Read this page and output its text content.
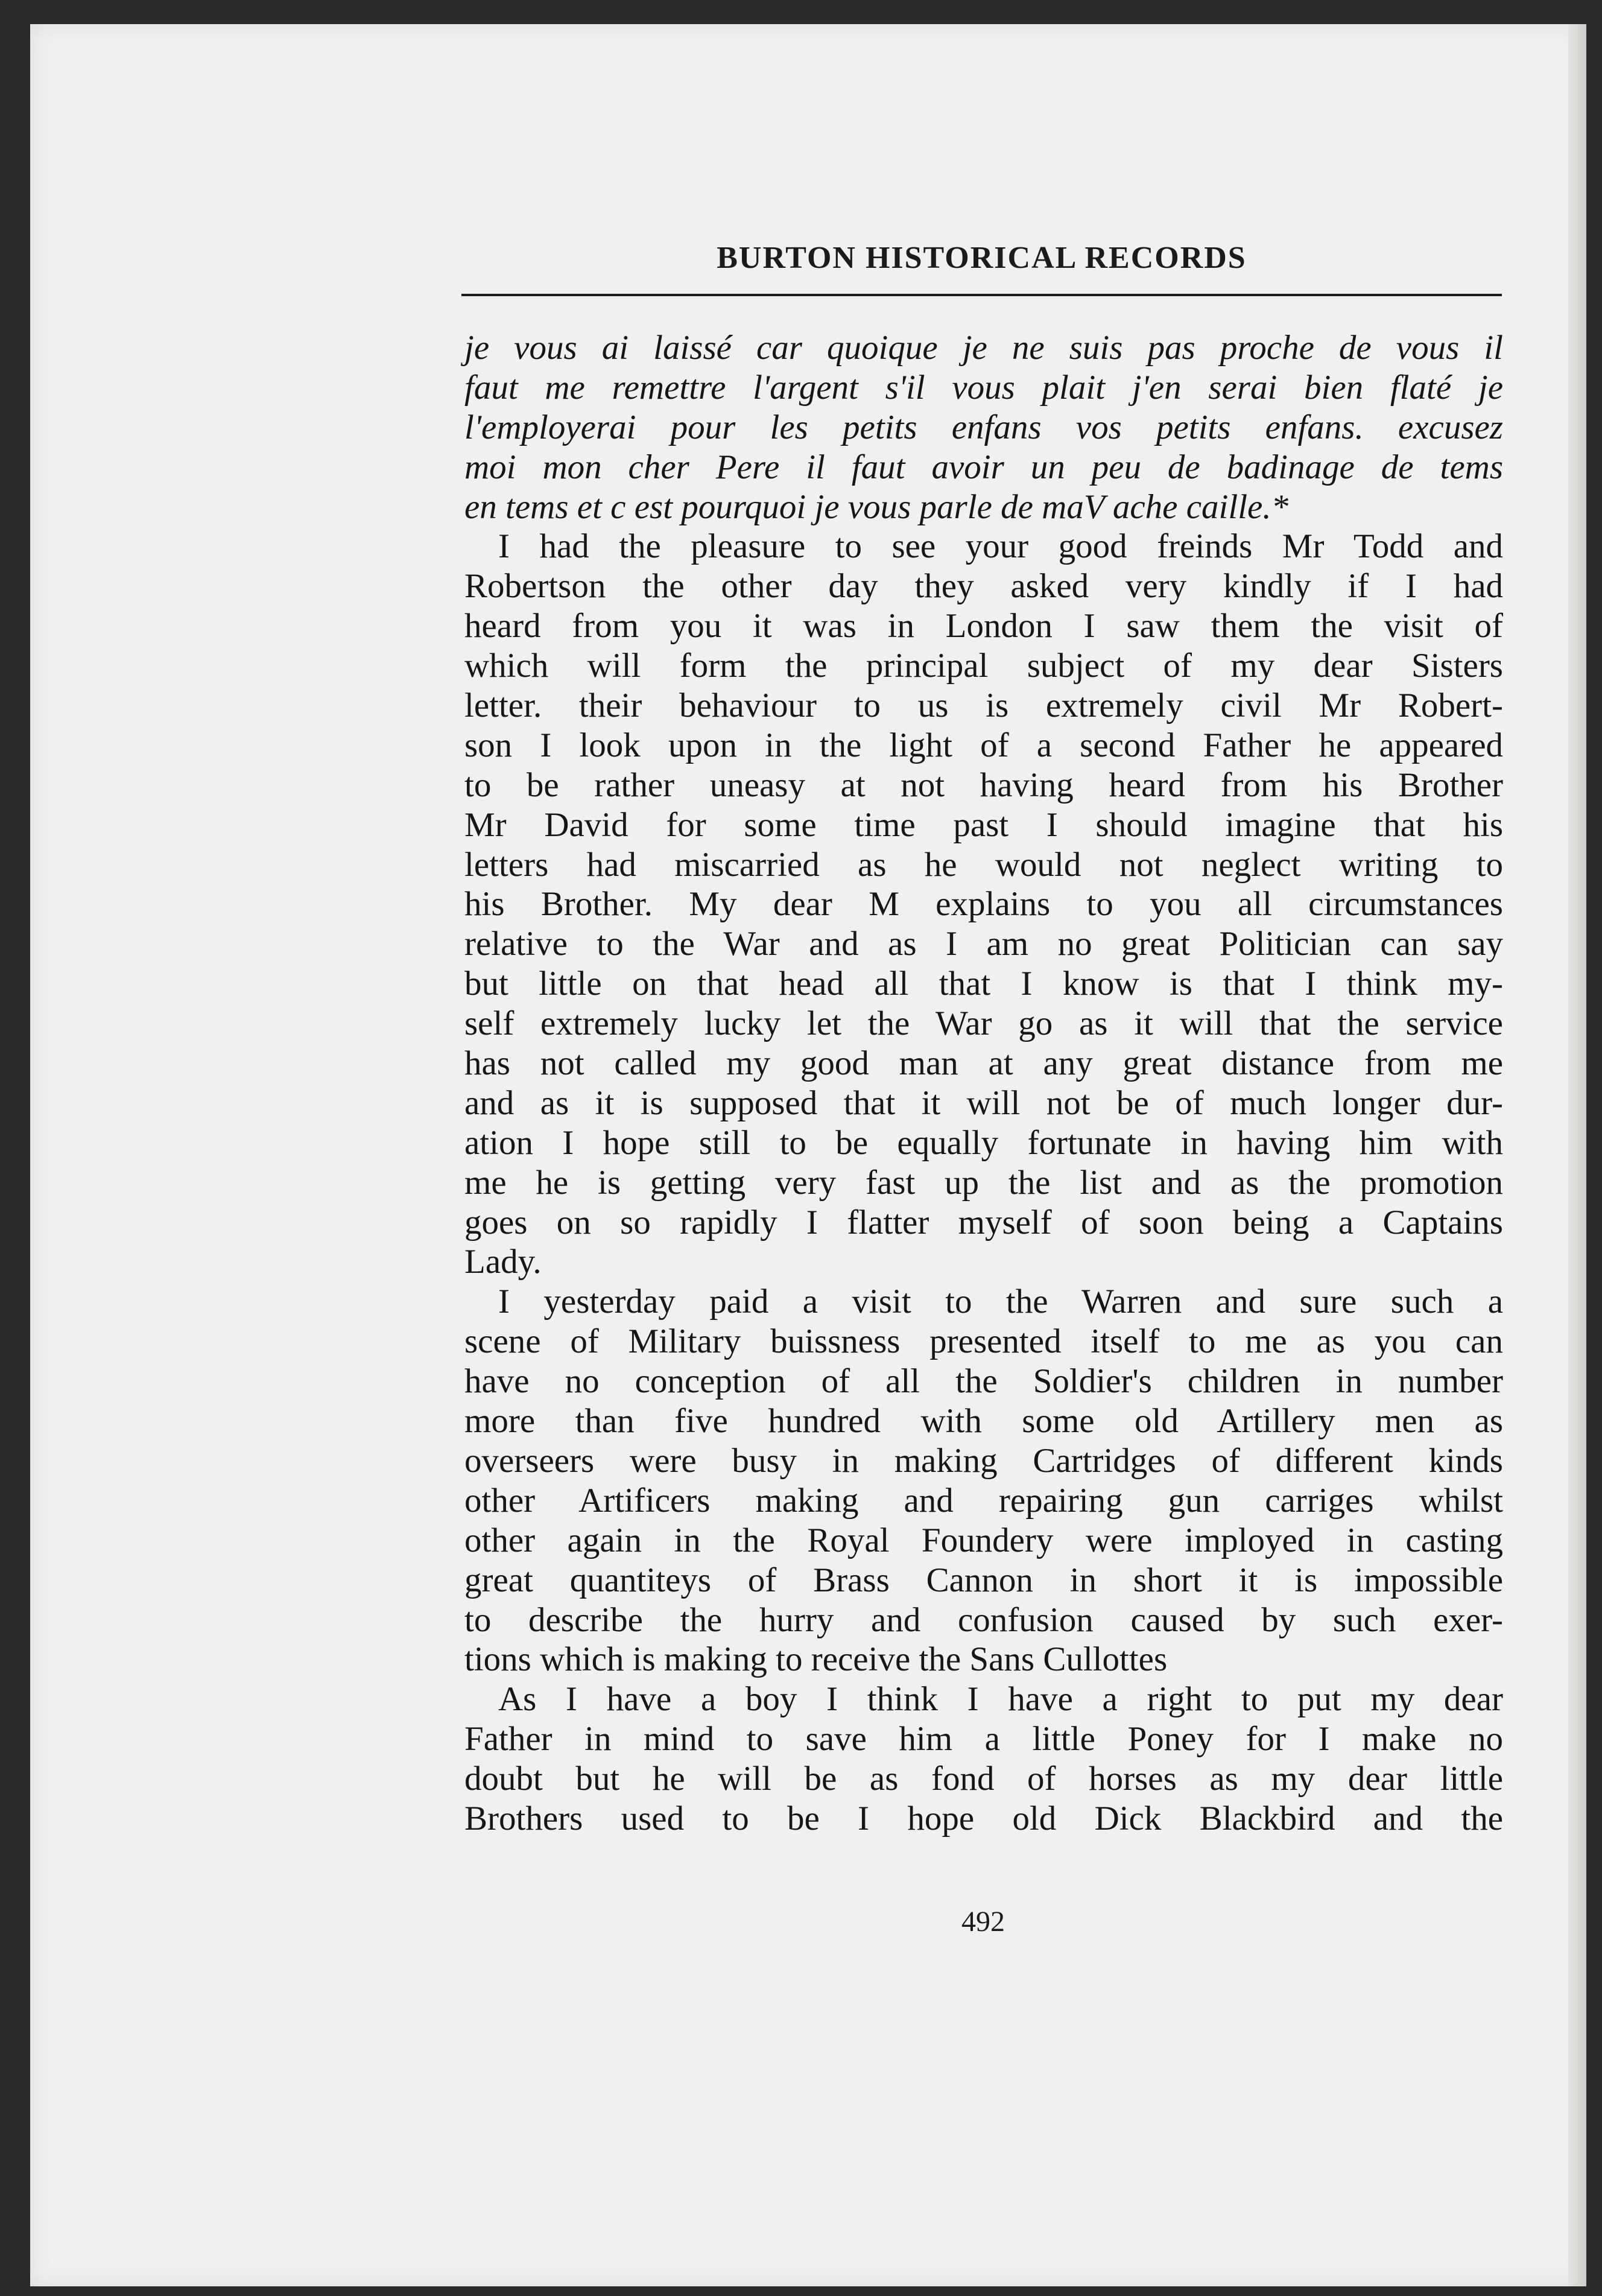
BURTON HISTORICAL RECORDS
je vous ai laissé car quoique je ne suis pas proche de vous il
faut me remettre l'argent s'il vous plait j'en serai bien flaté je
l'employerai pour les petits enfans vos petits enfans. excusez
moi mon cher Pere il faut avoir un peu de badinage de tems
en tems et c est pourquoi je vous parle de maV ache caille.*
I had the pleasure to see your good freinds Mr Todd and
Robertson the other day they asked very kindly if I had
heard from you it was in London I saw them the visit of
which will form the principal subject of my dear Sisters
letter. their behaviour to us is extremely civil Mr Robert-
son I look upon in the light of a second Father he appeared
to be rather uneasy at not having heard from his Brother
Mr David for some time past I should imagine that his
letters had miscarried as he would not neglect writing to
his Brother. My dear M explains to you all circumstances
relative to the War and as I am no great Politician can say
but little on that head all that I know is that I think my-
self extremely lucky let the War go as it will that the service
has not called my good man at any great distance from me
and as it is supposed that it will not be of much longer dur-
ation I hope still to be equally fortunate in having him with
me he is getting very fast up the list and as the promotion
goes on so rapidly I flatter myself of soon being a Captains
Lady.
I yesterday paid a visit to the Warren and sure such a
scene of Military buissness presented itself to me as you can
have no conception of all the Soldier's children in number
more than five hundred with some old Artillery men as
overseers were busy in making Cartridges of different kinds
other Artificers making and repairing gun carriges whilst
other again in the Royal Foundery were imployed in casting
great quantiteys of Brass Cannon in short it is impossible
to describe the hurry and confusion caused by such exer-
tions which is making to receive the Sans Cullottes
As I have a boy I think I have a right to put my dear
Father in mind to save him a little Poney for I make no
doubt but he will be as fond of horses as my dear little
Brothers used to be I hope old Dick Blackbird and the
492
